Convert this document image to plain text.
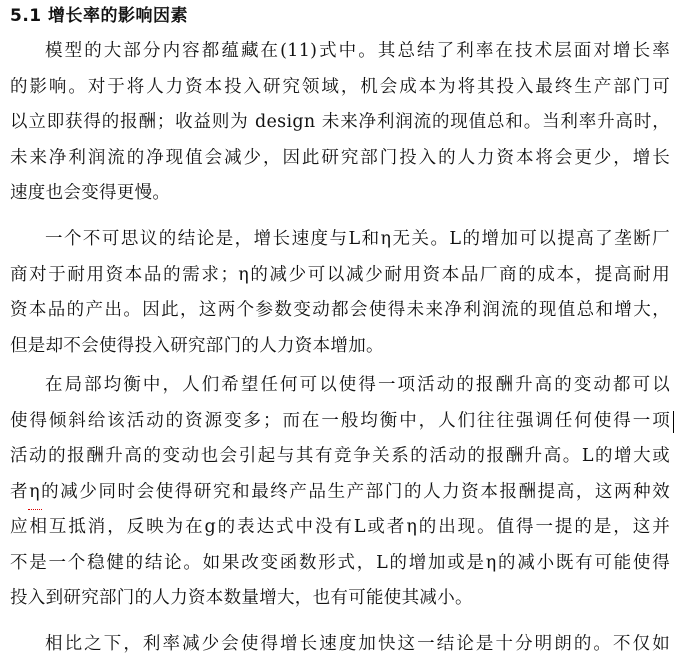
5.1 增长率的影响因素
模型的大部分内容都蕴藏在(11)式中。其总结了利率在技术层面对增长率
的影响。对于将人力资本投入研究领域，机会成本为将其投入最终生产部门可
以立即获得的报酬；收益则为 design 未来净利润流的现值总和。当利率升高时，
未来净利润流的净现值会减少，因此研究部门投入的人力资本将会更少，增长
速度也会变得更慢。
一个不可思议的结论是，增长速度与L和η无关。L的增加可以提高了垄断厂
商对于耐用资本品的需求；η的减少可以减少耐用资本品厂商的成本，提高耐用
资本品的产出。因此，这两个参数变动都会使得未来净利润流的现值总和增大，
但是却不会使得投入研究部门的人力资本增加。
在局部均衡中，人们希望任何可以使得一项活动的报酬升高的变动都可以
使得倾斜给该活动的资源变多；而在一般均衡中，人们往往强调任何使得一项
活动的报酬升高的变动也会引起与其有竞争关系的活动的报酬升高。L的增大或
者η的减少同时会使得研究和最终产品生产部门的人力资本报酬提高，这两种效
应相互抵消，反映为在g的表达式中没有L或者η的出现。值得一提的是，这并
不是一个稳健的结论。如果改变函数形式，L的增加或是η的减小既有可能使得
投入到研究部门的人力资本数量增大，也有可能使其减小。
相比之下，利率减少会使得增长速度加快这一结论是十分明朗的。不仅如
